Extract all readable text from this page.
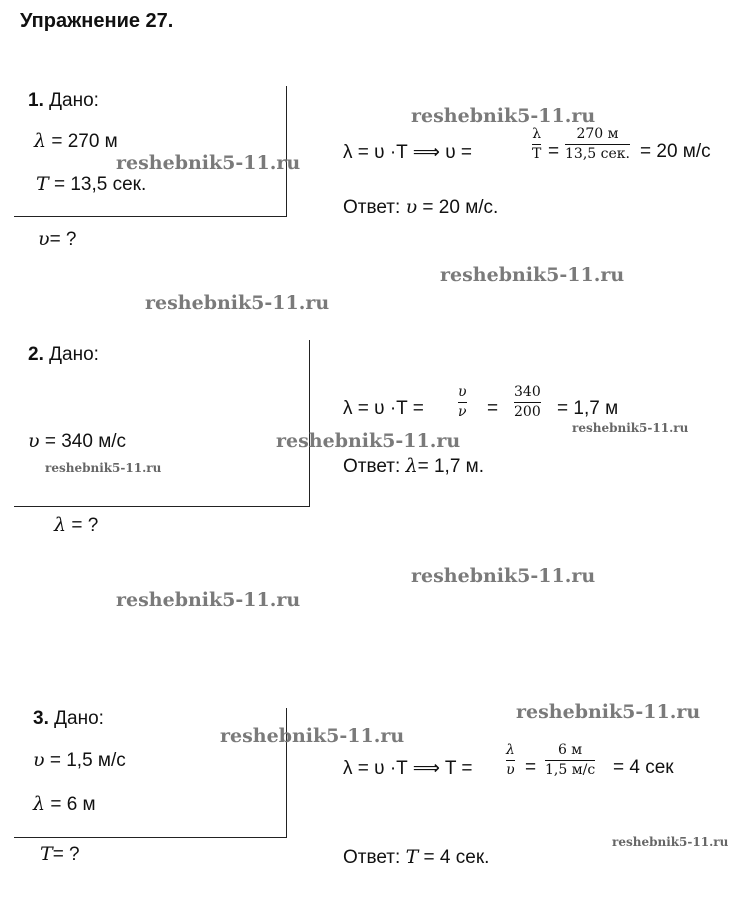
Упражнение 27.
1. Дано:
λ = 270 м
T = 13,5 сек.
υ= ?
λ = υ ·T ⟹ υ =
λ
T =
270 м
13,5 сек. = 20 м/с
Ответ: υ = 20 м/с.
2. Дано:
υ = 340 м/с
λ = ?
λ = υ ·T =
υ
ν =
340
200 = 1,7 м
Ответ: λ= 1,7 м.
3. Дано:
υ = 1,5 м/с
λ = 6 м
T= ?
λ = υ ·T ⟹ T =
λ
υ =
6 м
1,5 м/с = 4 сек
Ответ: T = 4 сек.
reshebnik5-11.ru
reshebnik5-11.ru
reshebnik5-11.ru
reshebnik5-11.ru
reshebnik5-11.ru
reshebnik5-11.ru
reshebnik5-11.ru
reshebnik5-11.ru
reshebnik5-11.ru
reshebnik5-11.ru
reshebnik5-11.ru
reshebnik5-11.ru
